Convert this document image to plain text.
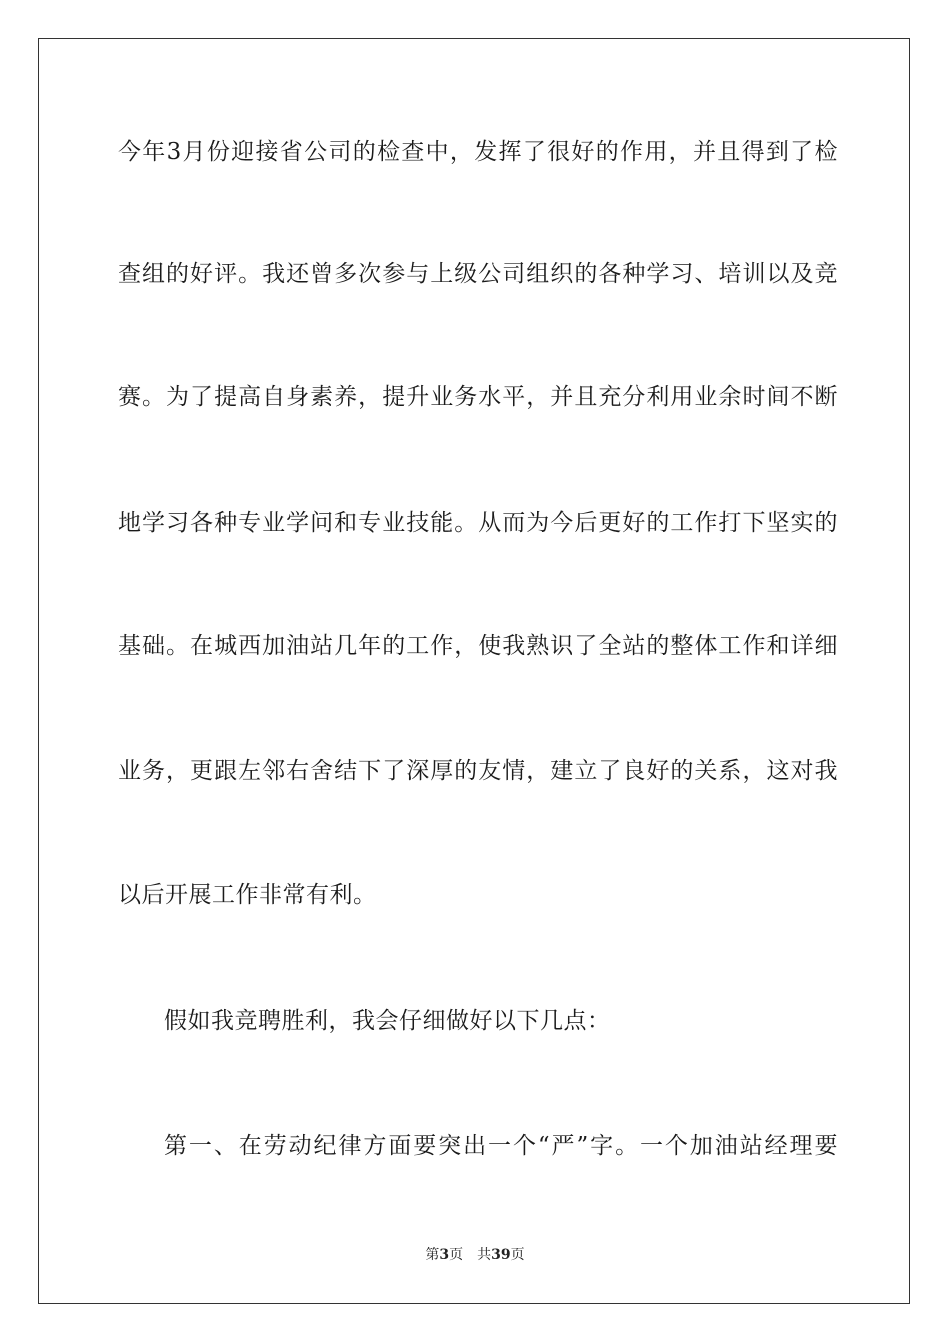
今年3月份迎接省公司的检查中，发挥了很好的作用，并且得到了检
查组的好评。我还曾多次参与上级公司组织的各种学习、培训以及竞
赛。为了提高自身素养，提升业务水平，并且充分利用业余时间不断
地学习各种专业学问和专业技能。从而为今后更好的工作打下坚实的
基础。在城西加油站几年的工作，使我熟识了全站的整体工作和详细
业务，更跟左邻右舍结下了深厚的友情，建立了良好的关系，这对我
以后开展工作非常有利。
假如我竞聘胜利，我会仔细做好以下几点：
第一、在劳动纪律方面要突出一个“严”字。一个加油站经理要
第3页 共39页
